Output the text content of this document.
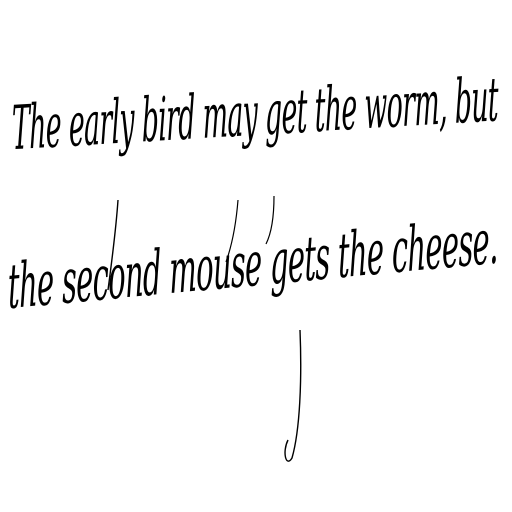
The early bird may get the worm, but

the second mouse gets the cheese.
